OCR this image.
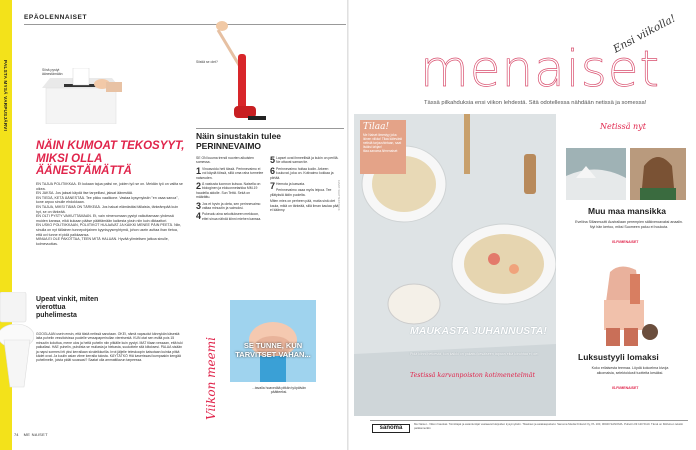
PALSTA MYSÄ VARPUSJÄRVI
EPÄOLENNAISET
Siinä pystyt äänestämään
NÄIN KUMOAT TEKOSYYT, MIKSI OLLA ÄÄNESTÄMÄTTÄ

EN TAJUA POLITIIKKAA. Et kukaan tajua paitsi ne, joiden työ se on. Meidän työ on valita se oikea.

EN JAKSA. Jos jaksat käydä itse tarpeillasi, jaksat äänestää.

EN TIEDÄ, KETÄ ÄÄNESTÄÄ. Tee pikku vaalikone. Vastaa kysymyksiin "en osaa sanoa", kone arpoo sinulle ehdokkaan.

EN TAJUA, MIKSI TÄMÄ ON TÄRKEÄÄ. Jos haluat elämästäsi tällaista, tärkeämpää kuin hyt, se on tärkeää.

EN OLTI PYSTY VAIKUTTAMAAN. Et, vain nimenomaan pystyt vaikuttamaan yhdessä muiden kanssa, eikä kukaan pääse päättämään kaikesta yksin niin kuin diktaattori.

EN USKO POLITIIKKAAN, POLIITIKOT HULAAVAT JA KAIKKI MENEE PÄIN PEETÄ. Niin, sinulla on nyt tällainen tunnepohjainen kyynisyysmyhtymä, johon usein auttaa ihan tietoa, että ovi tunne ei pidä paikkaansa.

MINUA EI OLE PAKOTTAA, TEEN MITÄ HALUAN. Hyvää ylimielisen jatkoa sinulle, kolmevuotias.

Upeat vinkit, miten vierottua puhelimesta
GOOGLAAN usein ensin, että tästä netissä sanotaan. OKEI, nämä vapaudut kännykän käsestä: laita puhelin vessitoivissa puolelle vessapaperirullan viereisestä. KUN otat sen esiltä pois 15 minuutin koluttua, mene ulos ja heitä puhelin niin pitkälle kuin pystyt. MAT tilaan vessaan, että tuki paikallasi. HAE puhelin, puhdista se muilasta ja hiekasta, suukottele sitä kiitoksesi. PALAA sisään ja napsi sormesi irti yksi kerrallaan sivuleikkurilla. Irrot jäljelle teleskoopin katsotaan kuinka pitkä kädet ovat. Ja kuulin asian viime kerralla tulosta. KÄYTÄTKÖ Hiä kaverissasi kumpaakin kengää puhelimelle, joista pidät suussasi? Saatat olla ammattilavun tarpeessa.
74 ME NAISET
Siistiä se olet?
Näin sinustakin tulee PERINNEVAIMO

SE ON kuuma trendi nuorten aikuisten somessa.

1 Vinoavoidu heti tässä. Perinnevaimo ei voi käydä töissä, sillä oma raha turmelee naiseuden.

2 Ä vastusta luonnon kutsua. Naisella on biologinen ja eloluonnetarkka MM-19 haudella aidolle. Sun Tettä. Sekä on määrättu.

3 Jos et hyvin ja oleta, sen perinnevaimo valtaa minuutin ja vaimoksi.

4 Pukeudu aina sekoitukseen mekkoon, ettei sinua nähdä kiinni miehen kanssa.

5 Lapset ovat ihmeellisiä ja kukin on perillä. Ne ottavat saman tie.

6 Perinnevaimo hoitaa kodin. Arkeen kuuluvat, joka on. Kotivaimo kokkaa ja piirtää.

7 Hemota ja kasvata.

Perinnevaimo osaa myös leipoa. Tee yllätyksiä äidin puolelta.

Miten mies on perheen pää, mutta sinä olet kaula, mikä on tärkeää, sillä ilman kaulaa pää ei käänny.

Viikon meemi	SE TUNNE, KUN TARVITSET VAHAN...
...tavalla hoavedää pitkän työpäivän päätteeksi.
KUVAT: SHUTTERSTOCK
Ensi viikolla!
menaiset
Tässä pilkahduksia ensi viikon lehdestä. Sitä odotellessa nähdään netissä ja somessa!
Tilaa!
Me Naiset ilmestyy joka ikinen viikko! Tilaa kätevästi netistä tarjoushintaan, saat lisäksi lahjan! tilaa.sanoma.fi/menaiset
MAUKASTA JUHANNUSTA!
Pidä kiinni hetkestä, kun kaikki on pakattu kesäiseen tapaan eikä kiiruhtaa ei ole!
Testissä karvanpoiston kotimenetelmät
Netissä nyt
Muu maa mansikka
Eveliina Sillanmuutti Australiaan perempien sälkiveroavaksi anaalin. Nyt hän kertoo, miksi Suomeen paluu ei houkuta.
IS.FI/MENAISET
Luksustyyli lomaksi
Koko erilaisesta teemaa. Löydä kokoelma kivoja aikomaisia, selektoidusti tuotteita kesäksi.
IS.FI/MENAISET
sanoma
Me Naiset - Viikon hauskat. Toimittajat ja asiantuntijat vastaavat lukijoiden kysymyksiin. Tilaukset ja asiakaspalvelu: Sanoma Media Finland Oy, PL 100, 00040 SANOMA. Puhelin 09 120 5110. Tämä on fiktiivinen tekstin paikkamerkki.
